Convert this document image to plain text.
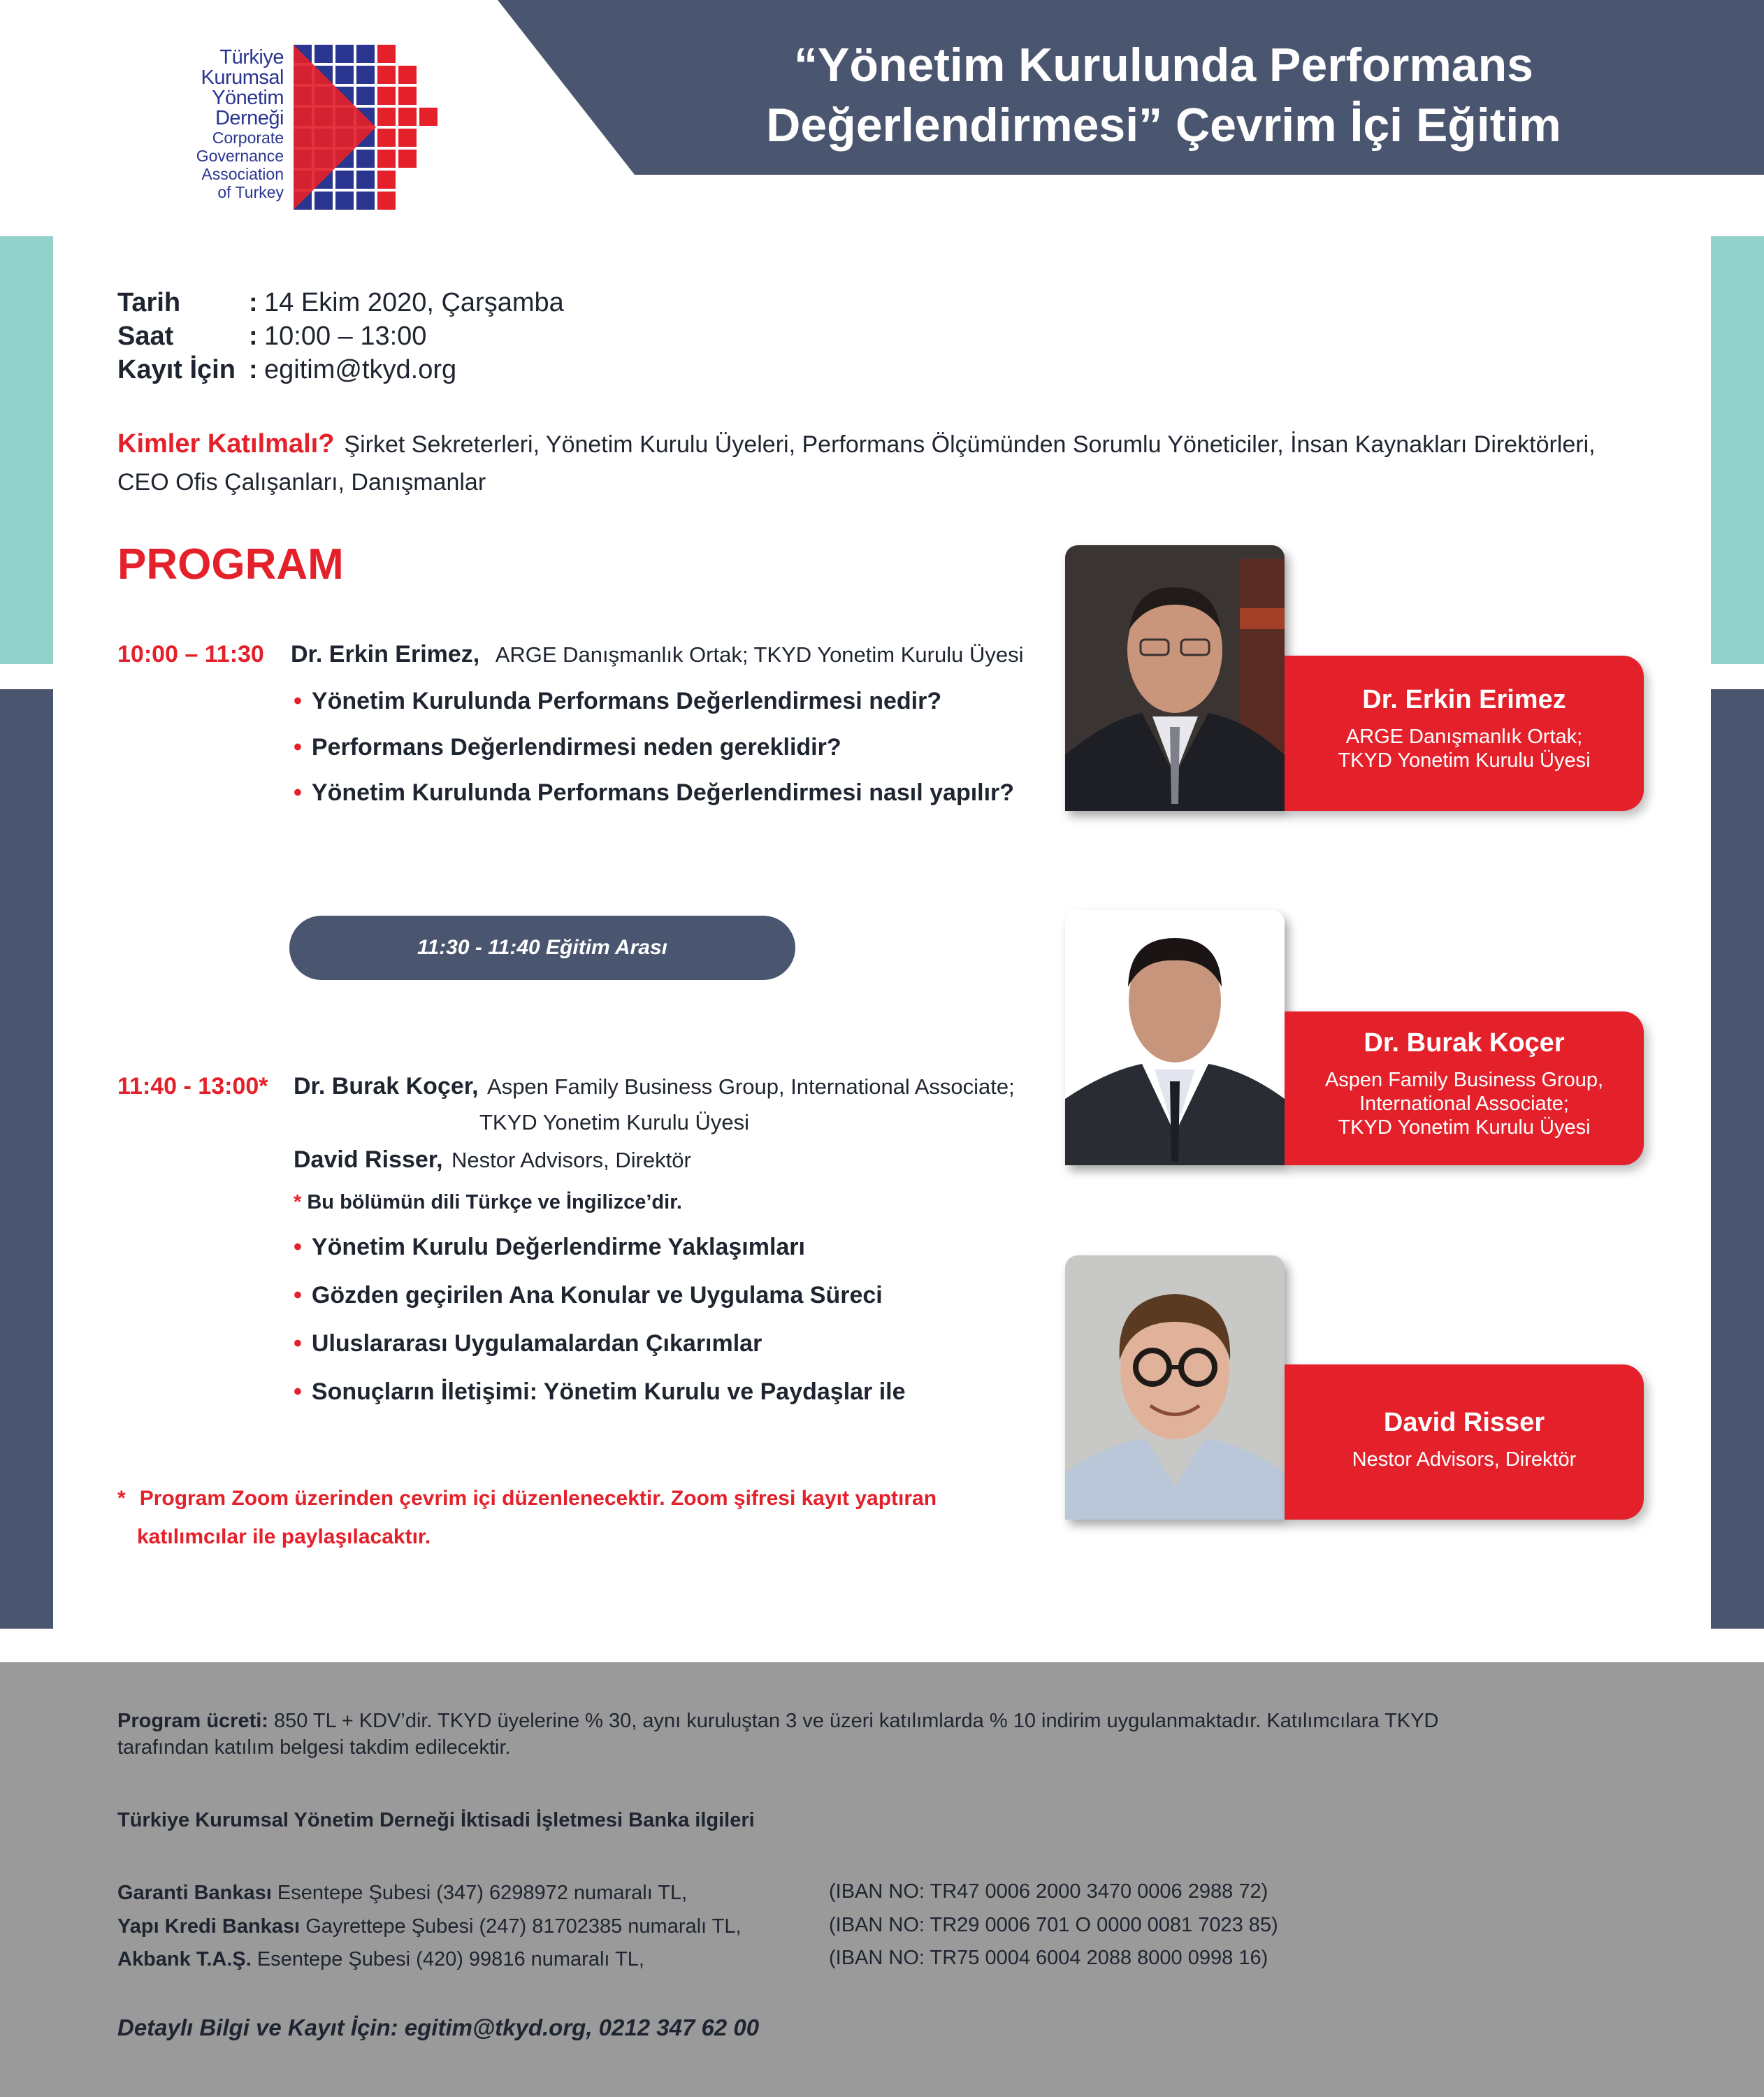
“Yönetim Kurulunda Performans
Değerlendirmesi” Çevrim İçi Eğitim
Türkiye
Kurumsal
Yönetim
Derneği
Corporate
Governance
Association
of Turkey
Tarih	: 14 Ekim 2020, Çarşamba
Saat	: 10:00 – 13:00
Kayıt İçin : egitim@tkyd.org
Kimler Katılmalı? Şirket Sekreterleri, Yönetim Kurulu Üyeleri, Performans Ölçümünden Sorumlu Yöneticiler, İnsan Kaynakları Direktörleri,
CEO Ofis Çalışanları, Danışmanlar
PROGRAM
10:00 – 11:30 Dr. Erkin Erimez, ARGE Danışmanlık Ortak; TKYD Yonetim Kurulu Üyesi
• Yönetim Kurulunda Performans Değerlendirmesi nedir?
• Performans Değerlendirmesi neden gereklidir?
• Yönetim Kurulunda Performans Değerlendirmesi nasıl yapılır?
11:30 - 11:40 Eğitim Arası
11:40 - 13:00* Dr. Burak Koçer, Aspen Family Business Group, International Associate;
TKYD Yonetim Kurulu Üyesi
David Risser, Nestor Advisors, Direktör
* Bu bölümün dili Türkçe ve İngilizce’dir.
• Yönetim Kurulu Değerlendirme Yaklaşımları
• Gözden geçirilen Ana Konular ve Uygulama Süreci
• Uluslararası Uygulamalardan Çıkarımlar
• Sonuçların İletişimi: Yönetim Kurulu ve Paydaşlar ile
* Program Zoom üzerinden çevrim içi düzenlenecektir. Zoom şifresi kayıt yaptıran
katılımcılar ile paylaşılacaktır.
Dr. Erkin Erimez
ARGE Danışmanlık Ortak;
TKYD Yonetim Kurulu Üyesi
Dr. Burak Koçer
Aspen Family Business Group,
International Associate;
TKYD Yonetim Kurulu Üyesi
David Risser
Nestor Advisors, Direktör
Program ücreti: 850 TL + KDV’dir. TKYD üyelerine % 30, aynı kuruluştan 3 ve üzeri katılımlarda % 10 indirim uygulanmaktadır. Katılımcılara TKYD
tarafından katılım belgesi takdim edilecektir.
Türkiye Kurumsal Yönetim Derneği İktisadi İşletmesi Banka ilgileri
Garanti Bankası Esentepe Şubesi (347) 6298972 numaralı TL,	(IBAN NO: TR47 0006 2000 3470 0006 2988 72)
Yapı Kredi Bankası Gayrettepe Şubesi (247) 81702385 numaralı TL,	(IBAN NO: TR29 0006 701 O 0000 0081 7023 85)
Akbank T.A.Ş. Esentepe Şubesi (420) 99816 numaralı TL,	(IBAN NO: TR75 0004 6004 2088 8000 0998 16)
Detaylı Bilgi ve Kayıt İçin: egitim@tkyd.org, 0212 347 62 00
